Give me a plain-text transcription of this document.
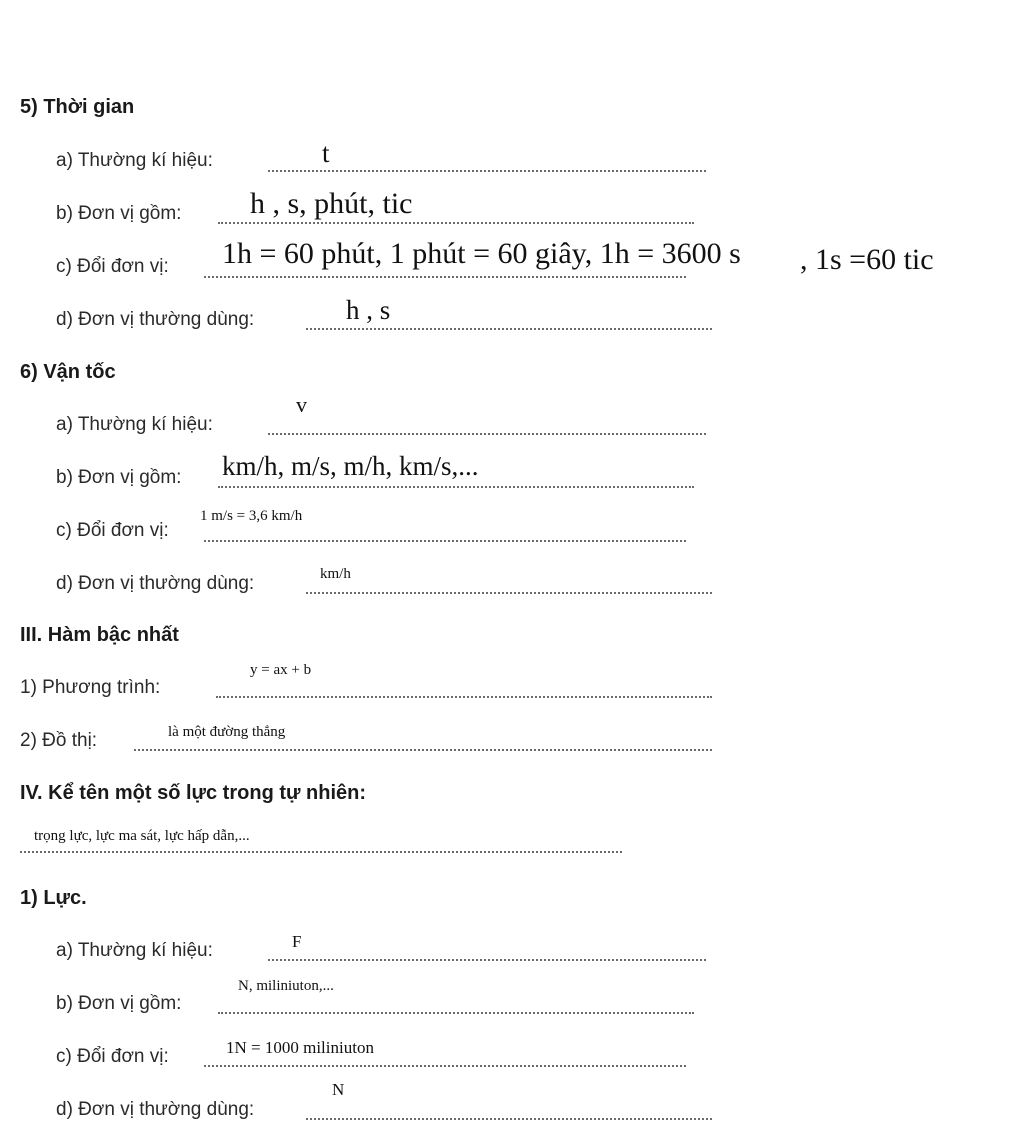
5) Thời gian
a) Thường kí hiệu:	t
b) Đơn vị gồm: h , s, phút, tic
c) Đổi đơn vị: 1h = 60 phút, 1 phút = 60 giây, 1h = 3600 s , 1s =60 tic
d) Đơn vị thường dùng:	h , s
6) Vận tốc
a) Thường kí hiệu:
v
b) Đơn vị gồm: km/h, m/s, m/h, km/s,...
c) Đổi đơn vị:
1 m/s = 3,6 km/h
d) Đơn vị thường dùng:	km/h
III. Hàm bậc nhất
1) Phương trình:
y = ax + b
2) Đồ thị:	là một đường thẳng
IV. Kể tên một số lực trong tự nhiên:
trọng lực, lực ma sát, lực hấp dẫn,...
1) Lực.
a) Thường kí hiệu:	F
b) Đơn vị gồm:
N, miliniuton,...
c) Đổi đơn vị:	1N = 1000 miliniuton
d) Đơn vị thường dùng:
N
